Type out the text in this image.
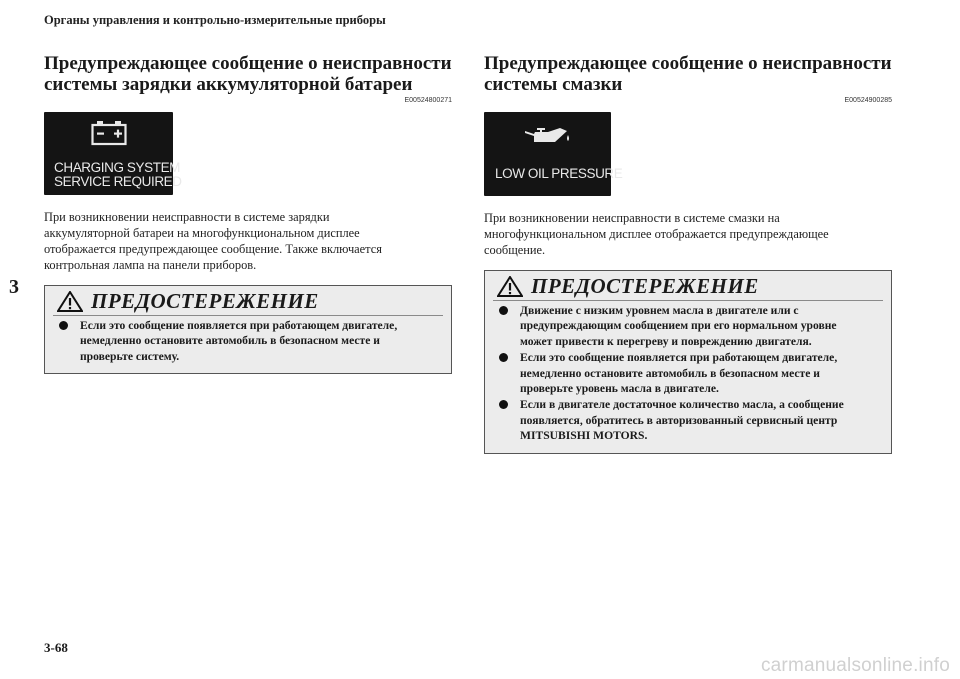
Органы управления и контрольно-измерительные приборы
3
3-68
carmanualsonline.info
Предупреждающее сообщение о неисправности
системы зарядки аккумуляторной батареи
E00524800271
CHARGING SYSTEM
SERVICE REQUIRED
При возникновении неисправности в системе зарядки
аккумуляторной батареи на многофункциональном дисплее
отображается предупреждающее сообщение. Также включается
контрольная лампа на панели приборов.
ПРЕДОСТЕРЕЖЕНИЕ
Если это сообщение появляется при работающем двигателе,
немедленно остановите автомобиль в безопасном месте и
проверьте систему.
Предупреждающее сообщение о неисправности
системы смазки
E00524900285
LOW OIL PRESSURE
При возникновении неисправности в системе смазки на
многофункциональном дисплее отображается предупреждающее
сообщение.
ПРЕДОСТЕРЕЖЕНИЕ
Движение с низким уровнем масла в двигателе или с
предупреждающим сообщением при его нормальном уровне
может привести к перегреву и повреждению двигателя.
Если это сообщение появляется при работающем двигателе,
немедленно остановите автомобиль в безопасном месте и
проверьте уровень масла в двигателе.
Если в двигателе достаточное количество масла, а сообщение
появляется, обратитесь в авторизованный сервисный центр
MITSUBISHI MOTORS.
